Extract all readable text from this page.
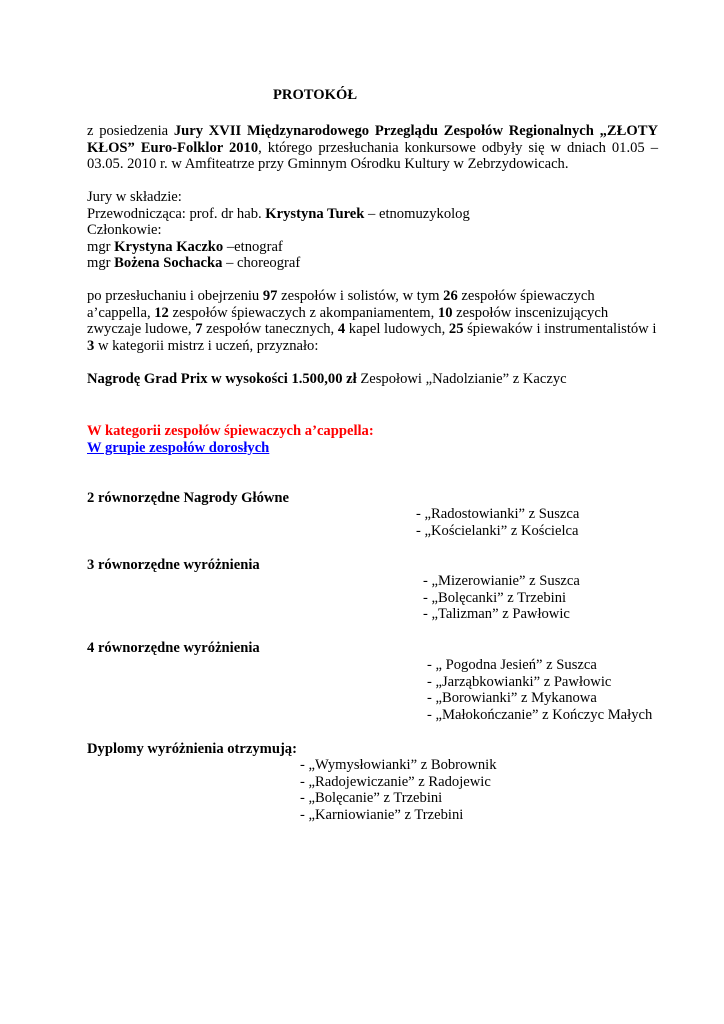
PROTOKÓŁ
z posiedzenia Jury XVII Międzynarodowego Przeglądu Zespołów Regionalnych „ZŁOTY KŁOS” Euro-Folklor 2010, którego przesłuchania konkursowe odbyły się w dniach 01.05 – 03.05. 2010 r. w Amfiteatrze przy Gminnym Ośrodku Kultury w Zebrzydowicach.
Jury w składzie:
Przewodnicząca: prof. dr hab. Krystyna Turek – etnomuzykolog
Członkowie:
mgr Krystyna Kaczko –etnograf
mgr Bożena Sochacka – choreograf
po przesłuchaniu i obejrzeniu 97 zespołów i solistów, w tym 26 zespołów śpiewaczych a’cappella, 12 zespołów śpiewaczych z akompaniamentem, 10 zespołów inscenizujących zwyczaje ludowe, 7 zespołów tanecznych, 4 kapel ludowych, 25 śpiewaków i instrumentalistów i 3 w kategorii mistrz i uczeń, przyznało:
Nagrodę Grad Prix w wysokości 1.500,00 zł Zespołowi „Nadolzianie” z Kaczyc
W kategorii zespołów śpiewaczych a’cappella:
W grupie zespołów dorosłych
2 równorzędne Nagrody Główne
- „Radostowianki” z Suszca
- „Kościelanki” z Kościelca
3 równorzędne wyróżnienia
- „Mizerowianie” z Suszca
- „Bolęcanki” z Trzebini
- „Talizman” z Pawłowic
4 równorzędne wyróżnienia
- „ Pogodna Jesień” z Suszca
- „Jarząbkowianki” z Pawłowic
- „Borowianki” z Mykanowa
- „Małokończanie” z Kończyc Małych
Dyplomy wyróżnienia otrzymują:
- „Wymysłowianki” z Bobrownik
- „Radojewiczanie” z Radojewic
- „Bolęcanie” z Trzebini
- „Karniowianie” z Trzebini
